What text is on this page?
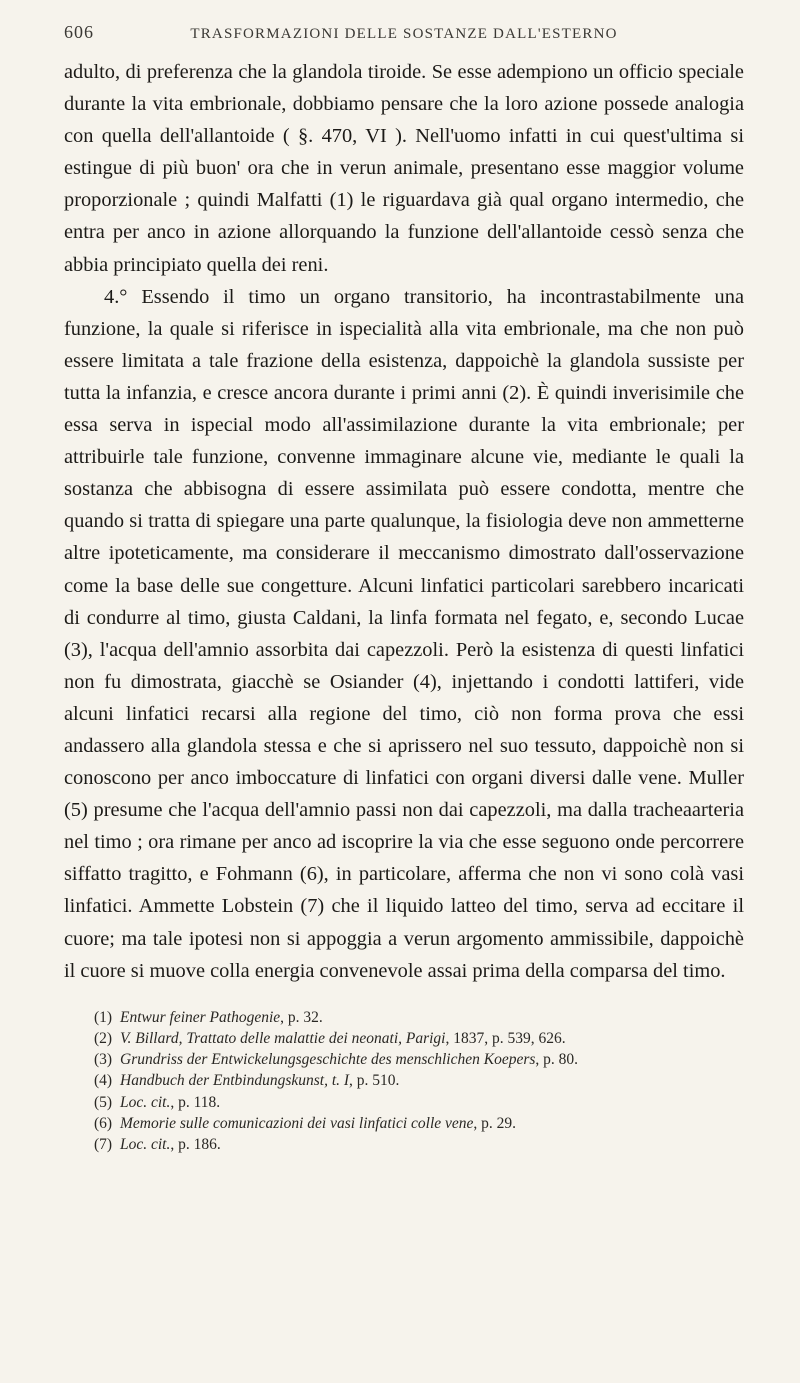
606	TRASFORMAZIONI DELLE SOSTANZE DALL'ESTERNO

adulto, di preferenza che la glandola tiroide. Se esse adempiono un officio speciale durante la vita embrionale, dobbiamo pensare che la loro azione possede analogia con quella dell'allantoide ( §. 470, VI ). Nell'uomo infatti in cui quest'ultima si estingue di più buon' ora che in verun animale, presentano esse maggior volume proporzionale ; quindi Malfatti (1) le riguardava già qual organo intermedio, che entra per anco in azione allorquando la funzione dell'allantoide cessò senza che abbia principiato quella dei reni.

4.° Essendo il timo un organo transitorio, ha incontrastabilmente una funzione, la quale si riferisce in ispecialità alla vita embrionale, ma che non può essere limitata a tale frazione della esistenza, dappoichè la glandola sussiste per tutta la infanzia, e cresce ancora durante i primi anni (2). È quindi inverisimile che essa serva in ispecial modo all'assimilazione durante la vita embrionale; per attribuirle tale funzione, convenne immaginare alcune vie, mediante le quali la sostanza che abbisogna di essere assimilata può essere condotta, mentre che quando si tratta di spiegare una parte qualunque, la fisiologia deve non ammetterne altre ipoteticamente, ma considerare il meccanismo dimostrato dall'osservazione come la base delle sue congetture. Alcuni linfatici particolari sarebbero incaricati di condurre al timo, giusta Caldani, la linfa formata nel fegato, e, secondo Lucae (3), l'acqua dell'amnio assorbita dai capezzoli. Però la esistenza di questi linfatici non fu dimostrata, giacchè se Osiander (4), injettando i condotti lattiferi, vide alcuni linfatici recarsi alla regione del timo, ciò non forma prova che essi andassero alla glandola stessa e che si aprissero nel suo tessuto, dappoichè non si conoscono per anco imboccature di linfatici con organi diversi dalle vene. Muller (5) presume che l'acqua dell'amnio passi non dai capezzoli, ma dalla tracheaarteria nel timo ; ora rimane per anco ad iscoprire la via che esse seguono onde percorrere siffatto tragitto, e Fohmann (6), in particolare, afferma che non vi sono colà vasi linfatici. Ammette Lobstein (7) che il liquido latteo del timo, serva ad eccitare il cuore; ma tale ipotesi non si appoggia a verun argomento ammissibile, dappoichè il cuore si muove colla energia convenevole assai prima della comparsa del timo.

(1) Entwur feiner Pathogenie, p. 32.

(2) V. Billard, Trattato delle malattie dei neonati, Parigi, 1837, p. 539, 626.

(3) Grundriss der Entwickelungsgeschichte des menschlichen Koepers, p. 80.

(4) Handbuch der Entbindungskunst, t. I, p. 510.

(5) Loc. cit., p. 118.

(6) Memorie sulle comunicazioni dei vasi linfatici colle vene, p. 29.

(7) Loc. cit., p. 186.
